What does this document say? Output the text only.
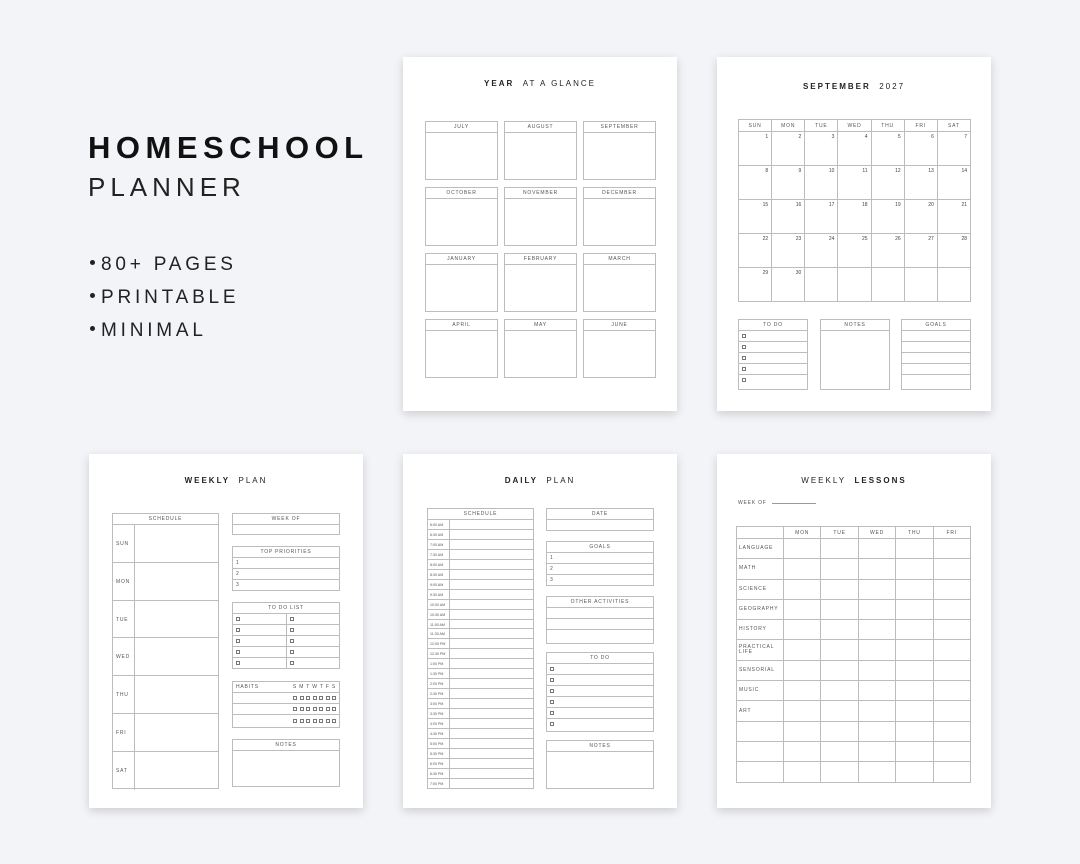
HOMESCHOOL
PLANNER
80+ PAGES
PRINTABLE
MINIMAL
YEAR AT A GLANCE
JULY	AUGUST	SEPTEMBER
OCTOBER	NOVEMBER	DECEMBER
JANUARY	FEBRUARY	MARCH
APRIL	MAY	JUNE
SEPTEMBER 2027
SUN	MON	TUE	WED	THU	FRI	SAT
1	2	3	4	5	6	7
8	9	10	11	12	13	14
15	16	17	18	19	20	21
22	23	24	25	26	27	28
29	30					
TO DO	NOTES	GOALS
WEEKLY PLAN
SCHEDULE
SUN
MON
TUE
WED
THU
FRI
SAT
WEEK OF
TOP PRIORITIES
1
2
3
TO DO LIST
HABITS	S M T W T F S
NOTES
DAILY PLAN
SCHEDULE
6:00 AM
6:30 AM
7:00 AM
7:30 AM
8:00 AM
8:30 AM
9:00 AM
9:30 AM
10:00 AM
10:30 AM
11:00 AM
11:30 AM
12:00 PM
12:30 PM
1:00 PM
1:30 PM
2:00 PM
2:30 PM
3:00 PM
3:30 PM
4:00 PM
4:30 PM
5:00 PM
5:30 PM
6:00 PM
6:30 PM
7:00 PM
DATE
GOALS
1
2
3
OTHER ACTIVITIES
TO DO
NOTES
WEEKLY LESSONS
WEEK OF
	MON	TUE	WED	THU	FRI
LANGUAGE					
MATH					
SCIENCE					
GEOGRAPHY					
HISTORY					
PRACTICAL LIFE					
SENSORIAL					
MUSIC					
ART					
